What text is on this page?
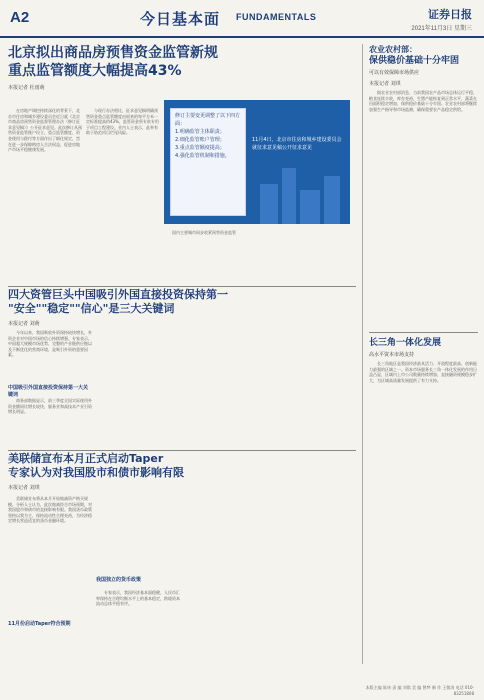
A2	今日基本面 FUNDAMENTALS	证券日报
2021年11月3日 星期三
北京拟出商品房预售资金监管新规
重点监管额度大幅提高43%
本报记者 杜雨萌

在房地产调控持续深化的背景下，北京市住房和城乡建设委员会近日就《北京市商品房预售资金监督管理办法（修订征求意见稿）》公开征求意见。此次修订从预售资金监管账户设立、重点监管额度、资金使用与拨付等方面作出了细化规定，旨在进一步保障购房人合法权益，促进房地产市场平稳健康发展。

与现行办法相比，征求意见稿明确预售资金重点监管额度由原来的每平方米一定标准提高约43%，监管资金须专款专用于项目工程建设。业内人士表示，此举有助于防范项目烂尾风险。

修订主要变更调整了以下四方面：
1.明确监管主体职责；
2.细化监管账户管理；
3.重点监管额度提高；
4.强化监管机制和措施。
11月4日，北京市住房和城乡建设委员会就征求意见稿公开征求意见

国内主要城市同步收紧预售资金监管

农业农村部：
保供稳价基础十分牢固
可以有效保障市场供应
本报记者 刘琪

据农业农村部消息，当前我国农产品市场总体运行平稳，粮食连续丰收，库存充裕，生猪产能恢复到正常水平，蔬菜在田面积稳定增加，保供稳价基础十分牢固。农业农村部将继续加强生产指导和市场监测，确保重要农产品稳定供给。

长三角一体化发展
高水平资本市场支持

长三角地区是我国经济最具活力、开放程度最高、创新能力最强的区域之一。资本市场服务长三角一体化发展的作用日益凸显，区域内上市公司数量持续增加，直接融资规模稳步扩大，为区域高质量发展提供了有力支持。

四大资管巨头中国吸引外国直接投资保持第一
"安全""稳定""信心"是三大关键词
本报记者 刘萌

今年以来，我国吸收外资保持较快增长，外资企业对中国市场的信心持续增强。专家表示，中国超大规模市场优势、完整的产业链供应链以及不断优化的营商环境，是吸引外资的重要因素。

中国吸引外国直接投资保持第一大关键词

商务部数据显示，前三季度全国实际使用外资金额同比增长较快，服务业和高技术产业引资增长明显。

美联储宣布本月正式启动Taper
专家认为对我国股市和债市影响有限
本报记者 刘琪

美联储宣布将从本月开始缩减资产购买规模。分析人士认为，此次缩减符合市场预期，对我国股市和债市的直接影响有限。我国货币政策坚持以我为主，保持流动性合理充裕，为经济稳定增长营造适宜的货币金融环境。

11月份启动Taper符合预期
我国独立的货币政策

专家表示，我国经济基本面稳健，人民币汇率保持在合理均衡水平上的基本稳定，跨境资本流动总体平稳有序。

本版主编 陈炜 责 编 刘琪 美 编 曾梦 制 作 王敬涛 电话 010-83251808
